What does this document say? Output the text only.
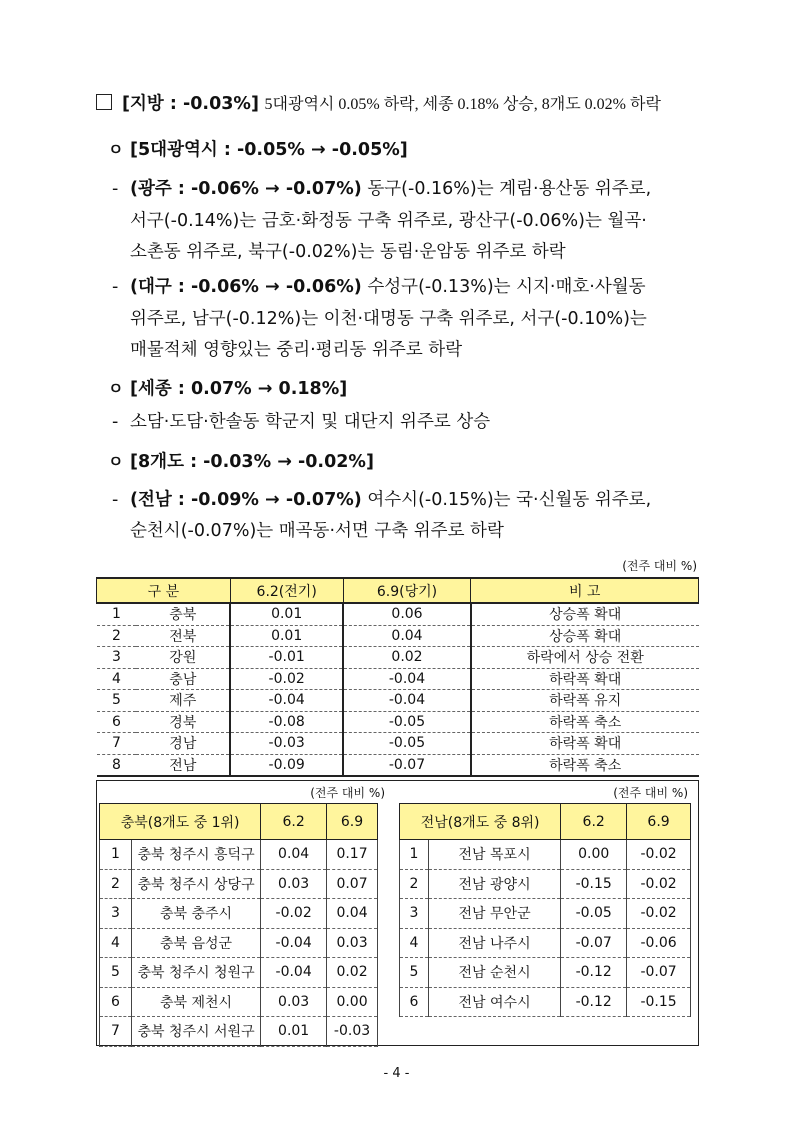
[지방 : -0.03%] 5대광역시 0.05% 하락, 세종 0.18% 상승, 8개도 0.02% 하락
ㅇ [5대광역시 : -0.05% → -0.05%]
- (광주 : -0.06% → -0.07%) 동구(-0.16%)는 계림·용산동 위주로,
서구(-0.14%)는 금호·화정동 구축 위주로, 광산구(-0.06%)는 월곡·
소촌동 위주로, 북구(-0.02%)는 동림·운암동 위주로 하락
- (대구 : -0.06% → -0.06%) 수성구(-0.13%)는 시지·매호·사월동
위주로, 남구(-0.12%)는 이천·대명동 구축 위주로, 서구(-0.10%)는
매물적체 영향있는 중리·평리동 위주로 하락
ㅇ [세종 : 0.07% → 0.18%]
- 소담·도담·한솔동 학군지 및 대단지 위주로 상승
ㅇ [8개도 : -0.03% → -0.02%]
- (전남 : -0.09% → -0.07%) 여수시(-0.15%)는 국·신월동 위주로,
순천시(-0.07%)는 매곡동·서면 구축 위주로 하락
(전주 대비 %)
구 분		6.2(전기)	6.9(당기)	비 고
1	충북	0.01	0.06	상승폭 확대
2	전북	0.01	0.04	상승폭 확대
3	강원	-0.01	0.02	하락에서 상승 전환
4	충남	-0.02	-0.04	하락폭 확대
5	제주	-0.04	-0.04	하락폭 유지
6	경북	-0.08	-0.05	하락폭 축소
7	경남	-0.03	-0.05	하락폭 확대
8	전남	-0.09	-0.07	하락폭 축소
(전주 대비 %)
충북(8개도 중 1위)		6.2	6.9
1	충북 청주시 흥덕구	0.04	0.17
2	충북 청주시 상당구	0.03	0.07
3	충북 충주시	-0.02	0.04
4	충북 음성군	-0.04	0.03
5	충북 청주시 청원구	-0.04	0.02
6	충북 제천시	0.03	0.00
7	충북 청주시 서원구	0.01	-0.03
(전주 대비 %)
전남(8개도 중 8위)		6.2	6.9
1	전남 목포시	0.00	-0.02
2	전남 광양시	-0.15	-0.02
3	전남 무안군	-0.05	-0.02
4	전남 나주시	-0.07	-0.06
5	전남 순천시	-0.12	-0.07
6	전남 여수시	-0.12	-0.15
- 4 -
